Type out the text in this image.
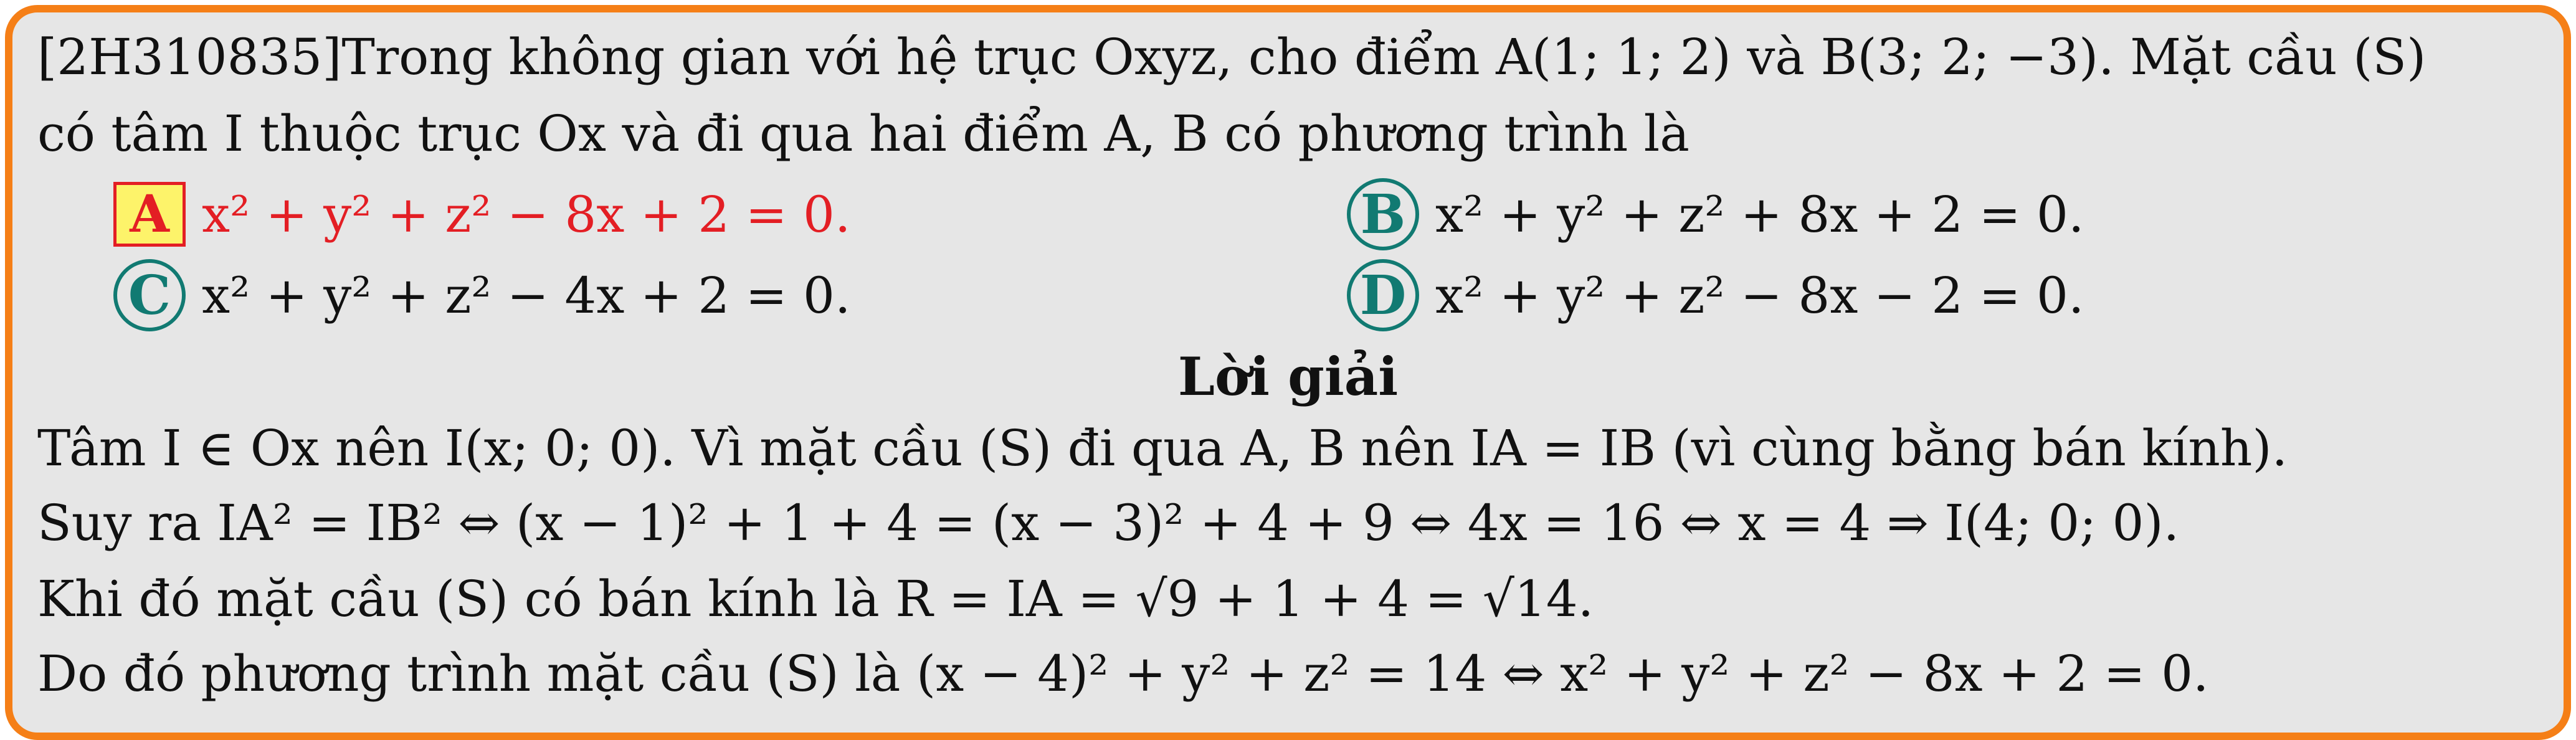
[2H310835]Trong không gian với hệ trục Oxyz, cho điểm A(1; 1; 2) và B(3; 2; −3). Mặt cầu (S)
có tâm I thuộc trục Ox và đi qua hai điểm A, B có phương trình là
A x² + y² + z² − 8x + 2 = 0.	B x² + y² + z² + 8x + 2 = 0.
C x² + y² + z² − 4x + 2 = 0.	D x² + y² + z² − 8x − 2 = 0.
Lời giải
Tâm I ∈ Ox nên I(x; 0; 0). Vì mặt cầu (S) đi qua A, B nên IA = IB (vì cùng bằng bán kính).
Suy ra IA² = IB² ⇔ (x − 1)² + 1 + 4 = (x − 3)² + 4 + 9 ⇔ 4x = 16 ⇔ x = 4 ⇒ I(4; 0; 0).
Khi đó mặt cầu (S) có bán kính là R = IA = √9 + 1 + 4 = √14.
Do đó phương trình mặt cầu (S) là (x − 4)² + y² + z² = 14 ⇔ x² + y² + z² − 8x + 2 = 0.
